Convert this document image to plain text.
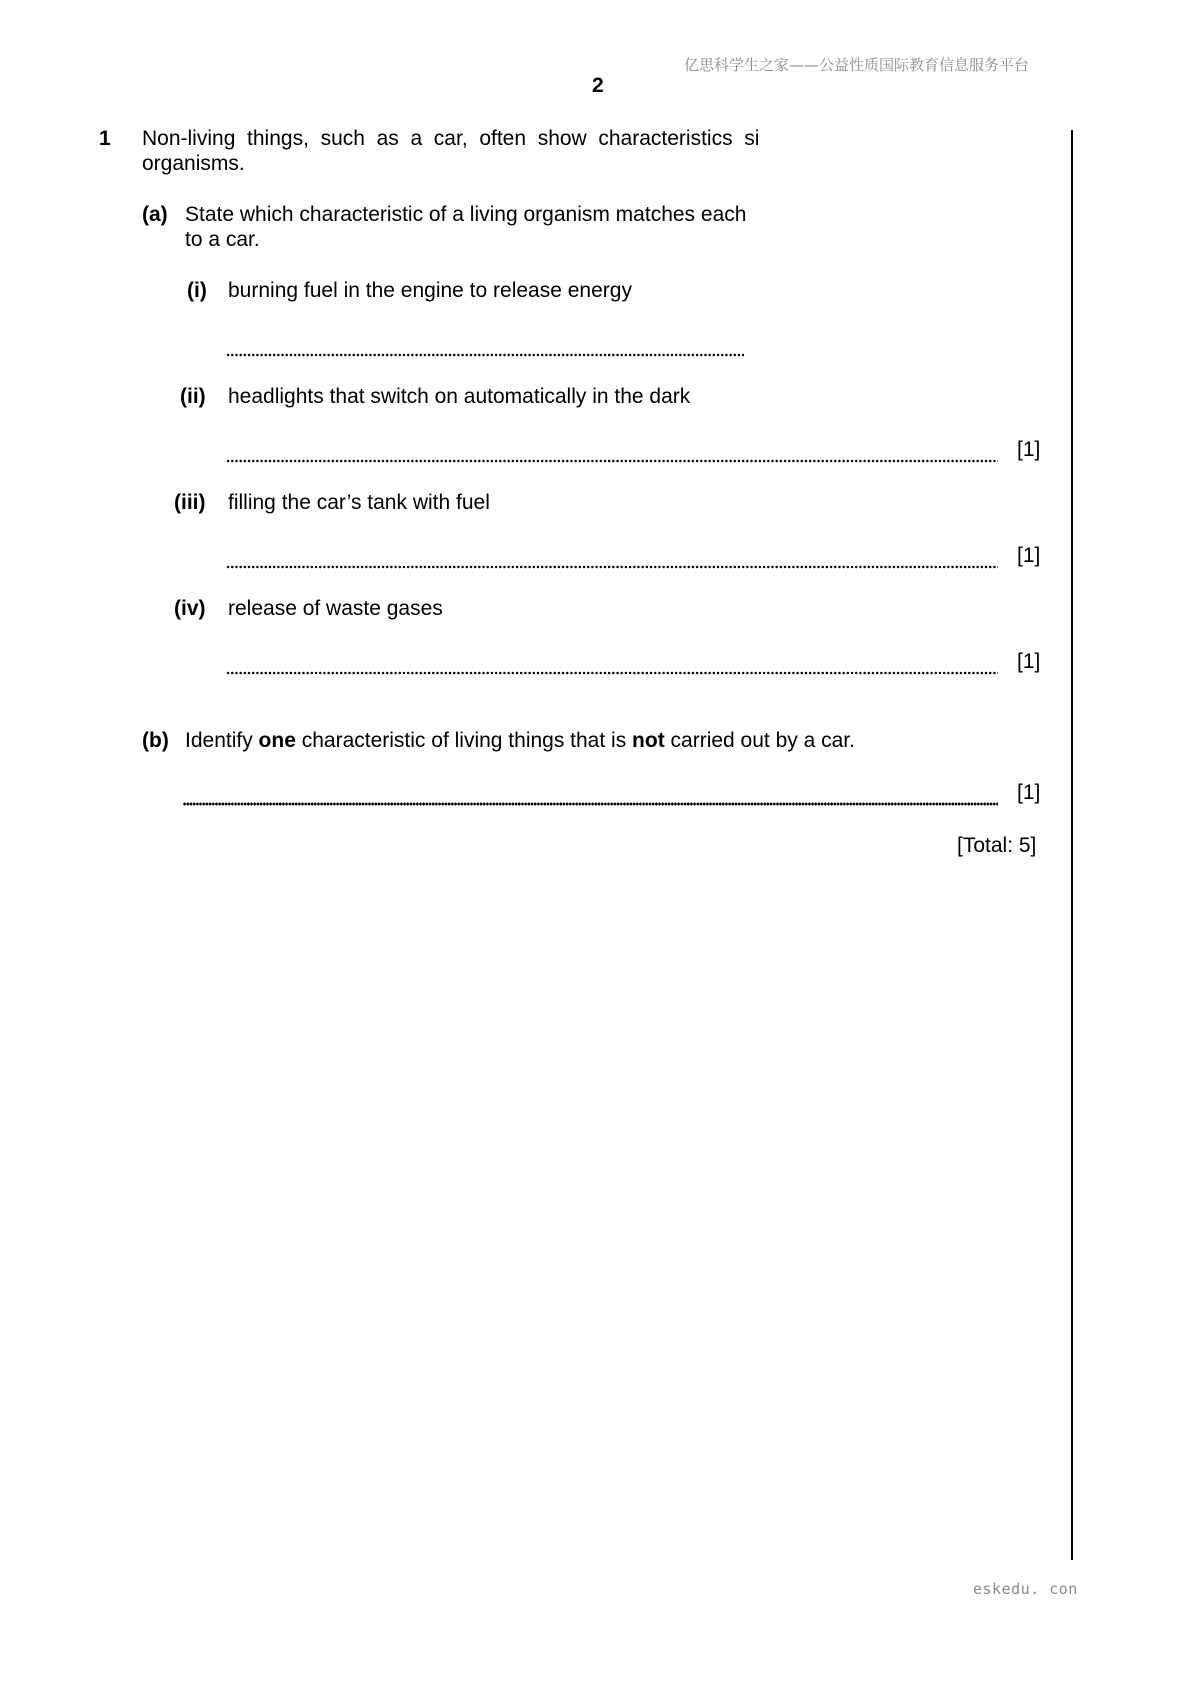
亿思科学生之家——公益性质国际教育信息服务平台
2
1 Non-living  things,  such  as  a  car,  often  show  characteristics  si
organisms.
(a) State which characteristic of a living organism matches each
to a car.
(i) burning fuel in the engine to release energy
(ii) headlights that switch on automatically in the dark
[1]
(iii) filling the car’s tank with fuel
[1]
(iv) release of waste gases
[1]
(b) Identify one characteristic of living things that is not carried out by a car.
[1]
[Total: 5]
eskedu. con
